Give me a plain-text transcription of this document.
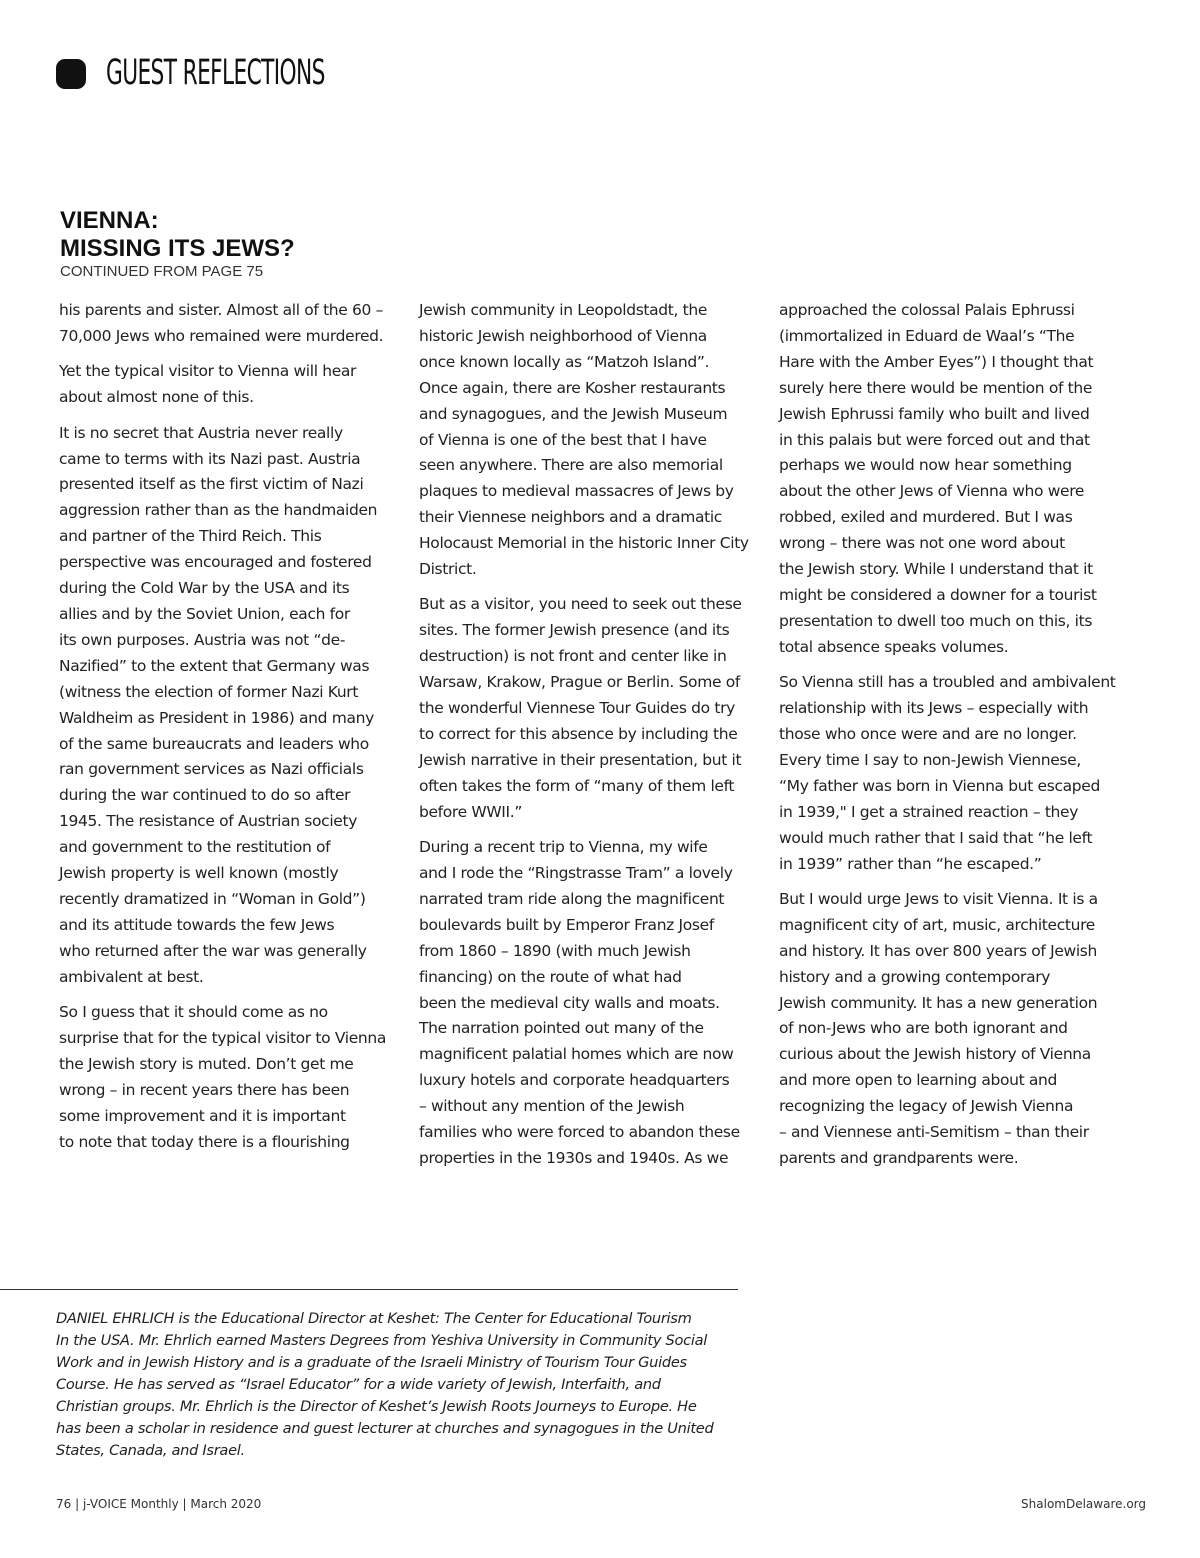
GUEST REFLECTIONS
VIENNA:
MISSING ITS JEWS?
CONTINUED FROM PAGE 75

his parents and sister. Almost all of the 60 –
70,000 Jews who remained were murdered.

Yet the typical visitor to Vienna will hear
about almost none of this.

It is no secret that Austria never really
came to terms with its Nazi past. Austria
presented itself as the first victim of Nazi
aggression rather than as the handmaiden
and partner of the Third Reich. This
perspective was encouraged and fostered
during the Cold War by the USA and its
allies and by the Soviet Union, each for
its own purposes. Austria was not “de-
Nazified” to the extent that Germany was
(witness the election of former Nazi Kurt
Waldheim as President in 1986) and many
of the same bureaucrats and leaders who
ran government services as Nazi officials
during the war continued to do so after
1945. The resistance of Austrian society
and government to the restitution of
Jewish property is well known (mostly
recently dramatized in “Woman in Gold”)
and its attitude towards the few Jews
who returned after the war was generally
ambivalent at best.

So I guess that it should come as no
surprise that for the typical visitor to Vienna
the Jewish story is muted. Don’t get me
wrong – in recent years there has been
some improvement and it is important
to note that today there is a flourishing

Jewish community in Leopoldstadt, the
historic Jewish neighborhood of Vienna
once known locally as “Matzoh Island”.
Once again, there are Kosher restaurants
and synagogues, and the Jewish Museum
of Vienna is one of the best that I have
seen anywhere. There are also memorial
plaques to medieval massacres of Jews by
their Viennese neighbors and a dramatic
Holocaust Memorial in the historic Inner City
District.

But as a visitor, you need to seek out these
sites. The former Jewish presence (and its
destruction) is not front and center like in
Warsaw, Krakow, Prague or Berlin. Some of
the wonderful Viennese Tour Guides do try
to correct for this absence by including the
Jewish narrative in their presentation, but it
often takes the form of “many of them left
before WWII.”

During a recent trip to Vienna, my wife
and I rode the “Ringstrasse Tram” a lovely
narrated tram ride along the magnificent
boulevards built by Emperor Franz Josef
from 1860 – 1890 (with much Jewish
financing) on the route of what had
been the medieval city walls and moats.
The narration pointed out many of the
magnificent palatial homes which are now
luxury hotels and corporate headquarters
– without any mention of the Jewish
families who were forced to abandon these
properties in the 1930s and 1940s. As we

approached the colossal Palais Ephrussi
(immortalized in Eduard de Waal’s “The
Hare with the Amber Eyes”) I thought that
surely here there would be mention of the
Jewish Ephrussi family who built and lived
in this palais but were forced out and that
perhaps we would now hear something
about the other Jews of Vienna who were
robbed, exiled and murdered. But I was
wrong – there was not one word about
the Jewish story. While I understand that it
might be considered a downer for a tourist
presentation to dwell too much on this, its
total absence speaks volumes.

So Vienna still has a troubled and ambivalent
relationship with its Jews – especially with
those who once were and are no longer.
Every time I say to non-Jewish Viennese,
“My father was born in Vienna but escaped
in 1939," I get a strained reaction – they
would much rather that I said that “he left
in 1939” rather than “he escaped.”

But I would urge Jews to visit Vienna. It is a
magnificent city of art, music, architecture
and history. It has over 800 years of Jewish
history and a growing contemporary
Jewish community. It has a new generation
of non-Jews who are both ignorant and
curious about the Jewish history of Vienna
and more open to learning about and
recognizing the legacy of Jewish Vienna
– and Viennese anti-Semitism – than their
parents and grandparents were.

DANIEL EHRLICH is the Educational Director at Keshet: The Center for Educational Tourism
In the USA. Mr. Ehrlich earned Masters Degrees from Yeshiva University in Community Social
Work and in Jewish History and is a graduate of the Israeli Ministry of Tourism Tour Guides
Course. He has served as “Israel Educator” for a wide variety of Jewish, Interfaith, and
Christian groups. Mr. Ehrlich is the Director of Keshet’s Jewish Roots Journeys to Europe. He
has been a scholar in residence and guest lecturer at churches and synagogues in the United
States, Canada, and Israel.
76 | j-VOICE Monthly | March 2020	ShalomDelaware.org
